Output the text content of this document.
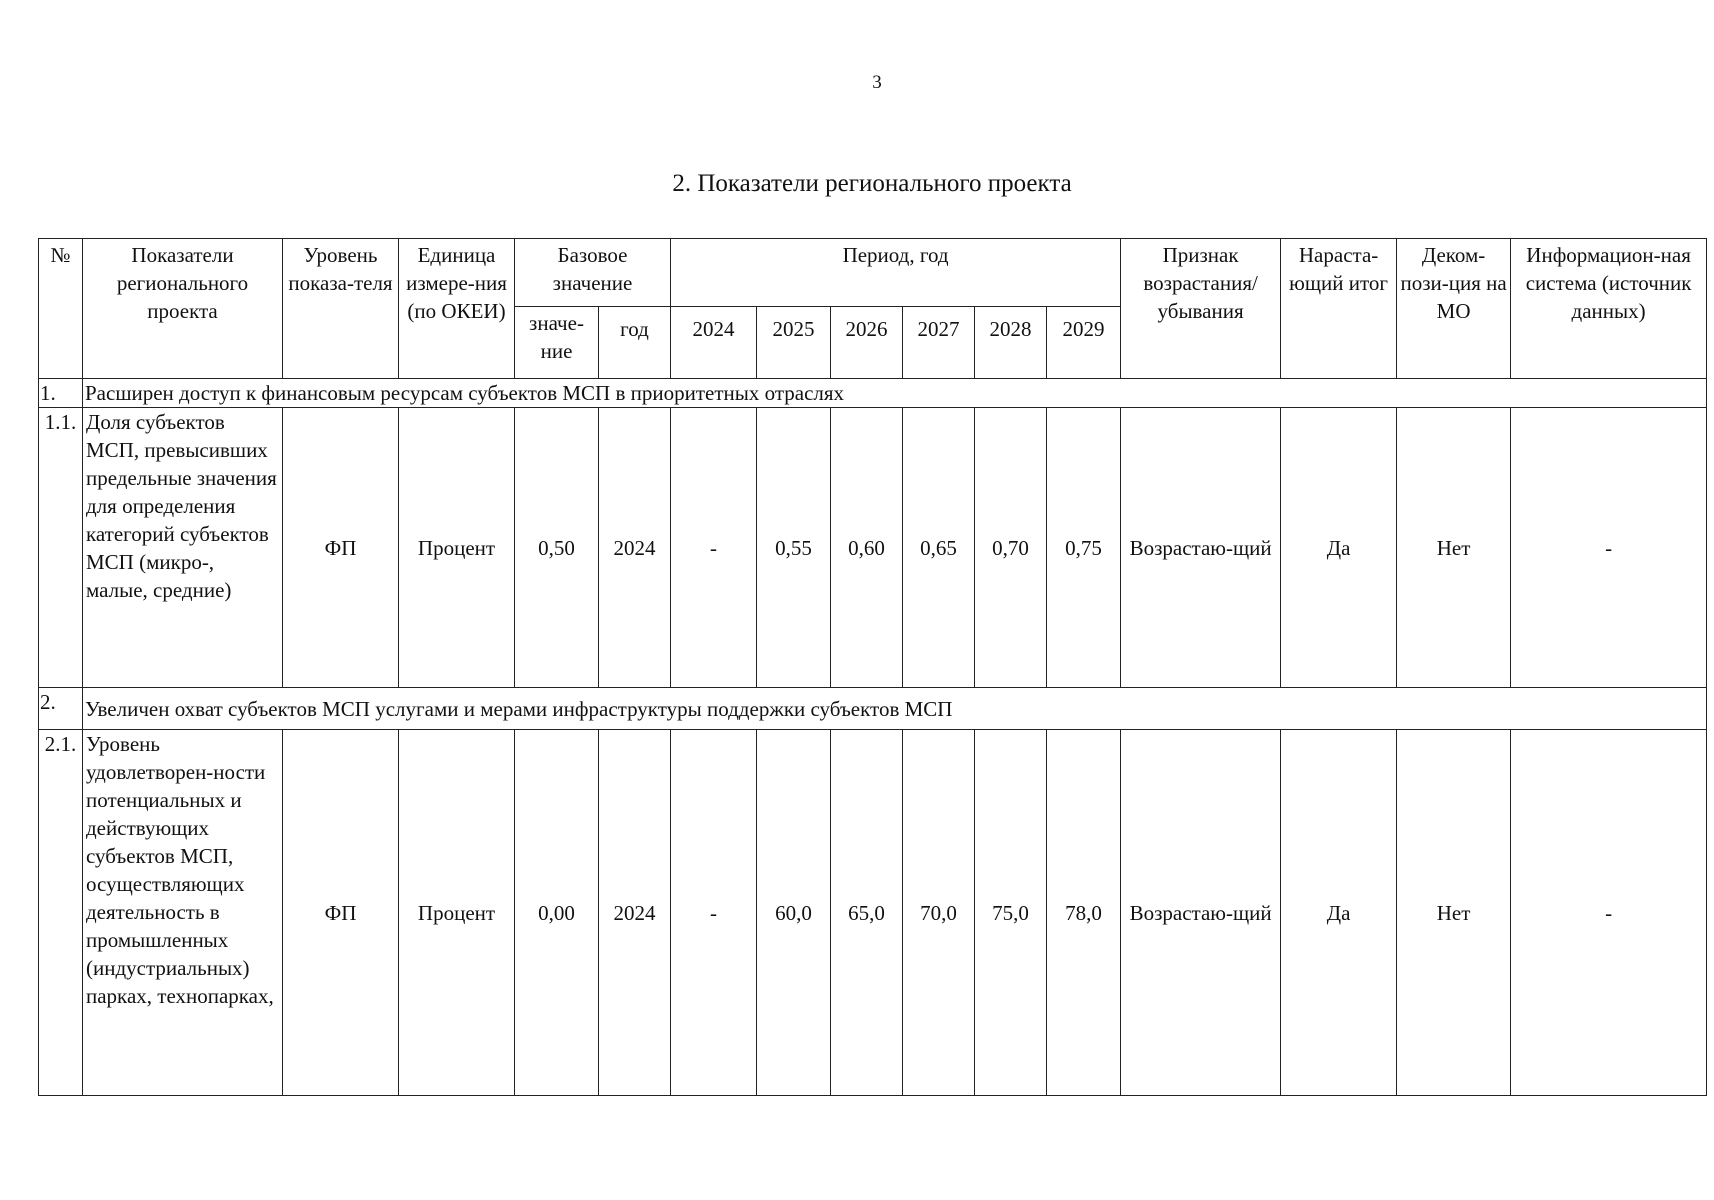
3
2. Показатели регионального проекта
№	Показатели регионального проекта	Уровень показа-теля	Единица измере-ния (по ОКЕИ)	Базовое значение		Период, год						Признак возрастания/ убывания	Нараста-ющий итог	Деком-пози-ция на МО	Информацион-ная система (источник данных)
				значе-ние	год	2024	2025	2026	2027	2028	2029				
1.	Расширен доступ к финансовым ресурсам субъектов МСП в приоритетных отраслях														
1.1.	Доля субъектов МСП, превысивших предельные значения для определения категорий субъектов МСП (микро-, малые, средние)	ФП	Процент	0,50	2024	-	0,55	0,60	0,65	0,70	0,75	Возрастаю-щий	Да	Нет	-
2.	Увеличен охват субъектов МСП услугами и мерами инфраструктуры поддержки субъектов МСП														
2.1.	Уровень удовлетворен-ности потенциальных и действующих субъектов МСП, осуществляющих деятельность в промышленных (индустриальных) парках, технопарках,	ФП	Процент	0,00	2024	-	60,0	65,0	70,0	75,0	78,0	Возрастаю-щий	Да	Нет	-
